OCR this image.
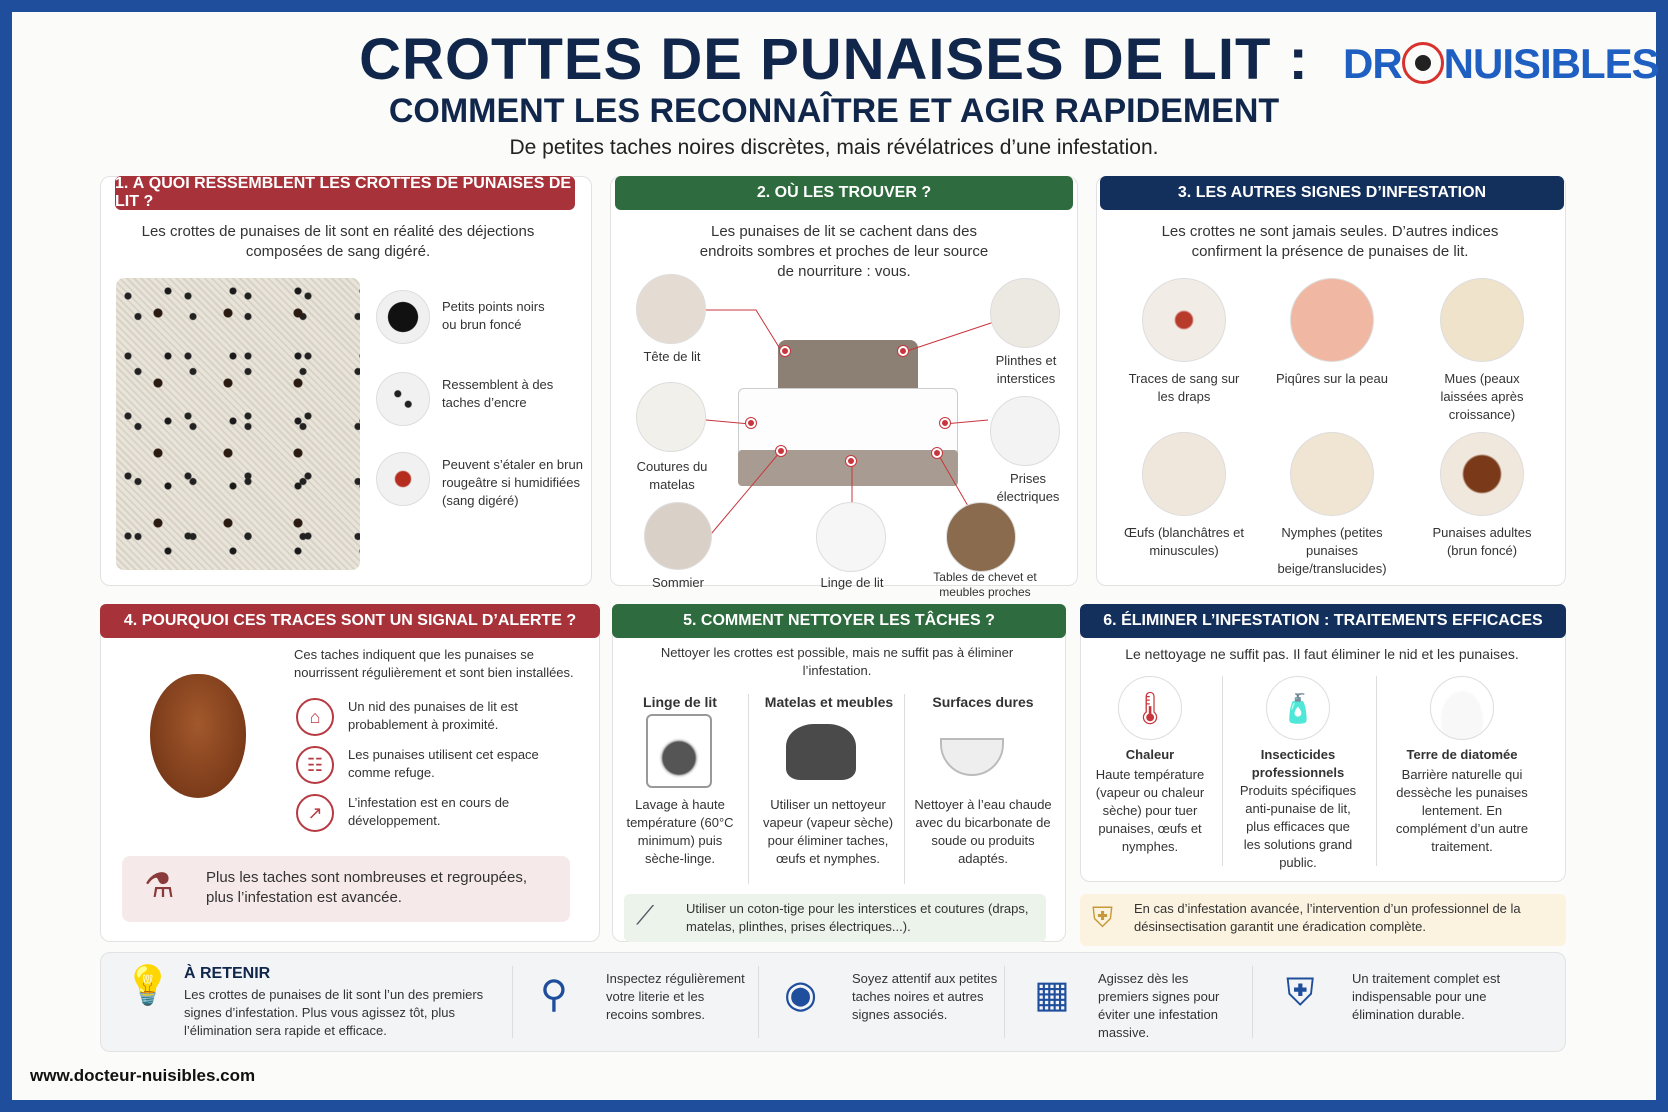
CROTTES DE PUNAISES DE LIT :
COMMENT LES RECONNAÎTRE ET AGIR RAPIDEMENT
De petites taches noires discrètes, mais révélatrices d’une infestation.
DR NUISIBLES
1. À QUOI RESSEMBLENT LES CROTTES DE PUNAISES DE LIT ?
Les crottes de punaises de lit sont en réalité des déjections composées de sang digéré.
Petits points noirs ou brun foncé
Ressemblent à des taches d’encre
Peuvent s’étaler en brun rougeâtre si humidifiées (sang digéré)
2. OÙ LES TROUVER ?
Les punaises de lit se cachent dans des endroits sombres et proches de leur source de nourriture : vous.
Tête de lit
Coutures du matelas
Sommier	Linge de lit	Tables de chevet et meubles proches
Prises électriques
Plinthes et interstices
3. LES AUTRES SIGNES D’INFESTATION
Les crottes ne sont jamais seules. D’autres indices confirment la présence de punaises de lit.
Traces de sang sur les draps
Piqûres sur la peau	Mues (peaux laissées après croissance)
Œufs (blanchâtres et minuscules)
Nymphes (petites punaises beige/translucides)
Punaises adultes (brun foncé)
4. POURQUOI CES TRACES SONT UN SIGNAL D’ALERTE ?
Ces taches indiquent que les punaises se nourrissent régulièrement et sont bien installées.
⌂	Un nid des punaises de lit est probablement à proximité.
☷	Les punaises utilisent cet espace comme refuge.
↗	L’infestation est en cours de développement.
⚗ Plus les taches sont nombreuses et regroupées, plus l’infestation est avancée.
5. COMMENT NETTOYER LES TÂCHES ?
Nettoyer les crottes est possible, mais ne suffit pas à éliminer l’infestation.
Linge de lit
Lavage à haute température (60°C minimum) puis sèche-linge.
Matelas et meubles
Utiliser un nettoyeur vapeur (vapeur sèche) pour éliminer taches, œufs et nymphes.
Surfaces dures
Nettoyer à l’eau chaude avec du bicarbonate de soude ou produits adaptés.
⟋ Utiliser un coton-tige pour les interstices et coutures (draps, matelas, plinthes, prises électriques...).
6. ÉLIMINER L’INFESTATION : TRAITEMENTS EFFICACES
Le nettoyage ne suffit pas. Il faut éliminer le nid et les punaises.
🌡
Chaleur
Haute température (vapeur ou chaleur sèche) pour tuer punaises, œufs et nymphes.
🧴
Insecticides professionnels
Produits spécifiques anti-punaise de lit, plus efficaces que les solutions grand public.
Terre de diatomée
Barrière naturelle qui dessèche les punaises lentement. En complément d’un autre traitement.
⛨ En cas d’infestation avancée, l’intervention d’un professionnel de la désinsectisation garantit une éradication complète.
💡 À RETENIR
Les crottes de punaises de lit sont l’un des premiers signes d’infestation. Plus vous agissez tôt, plus l’élimination sera rapide et efficace.
⚲	Inspectez régulièrement votre literie et les recoins sombres.	◉	Soyez attentif aux petites taches noires et autres signes associés.	▦ Agissez dès les premiers signes pour éviter une infestation massive.
⛨	Un traitement complet est indispensable pour une élimination durable.
www.docteur-nuisibles.com
